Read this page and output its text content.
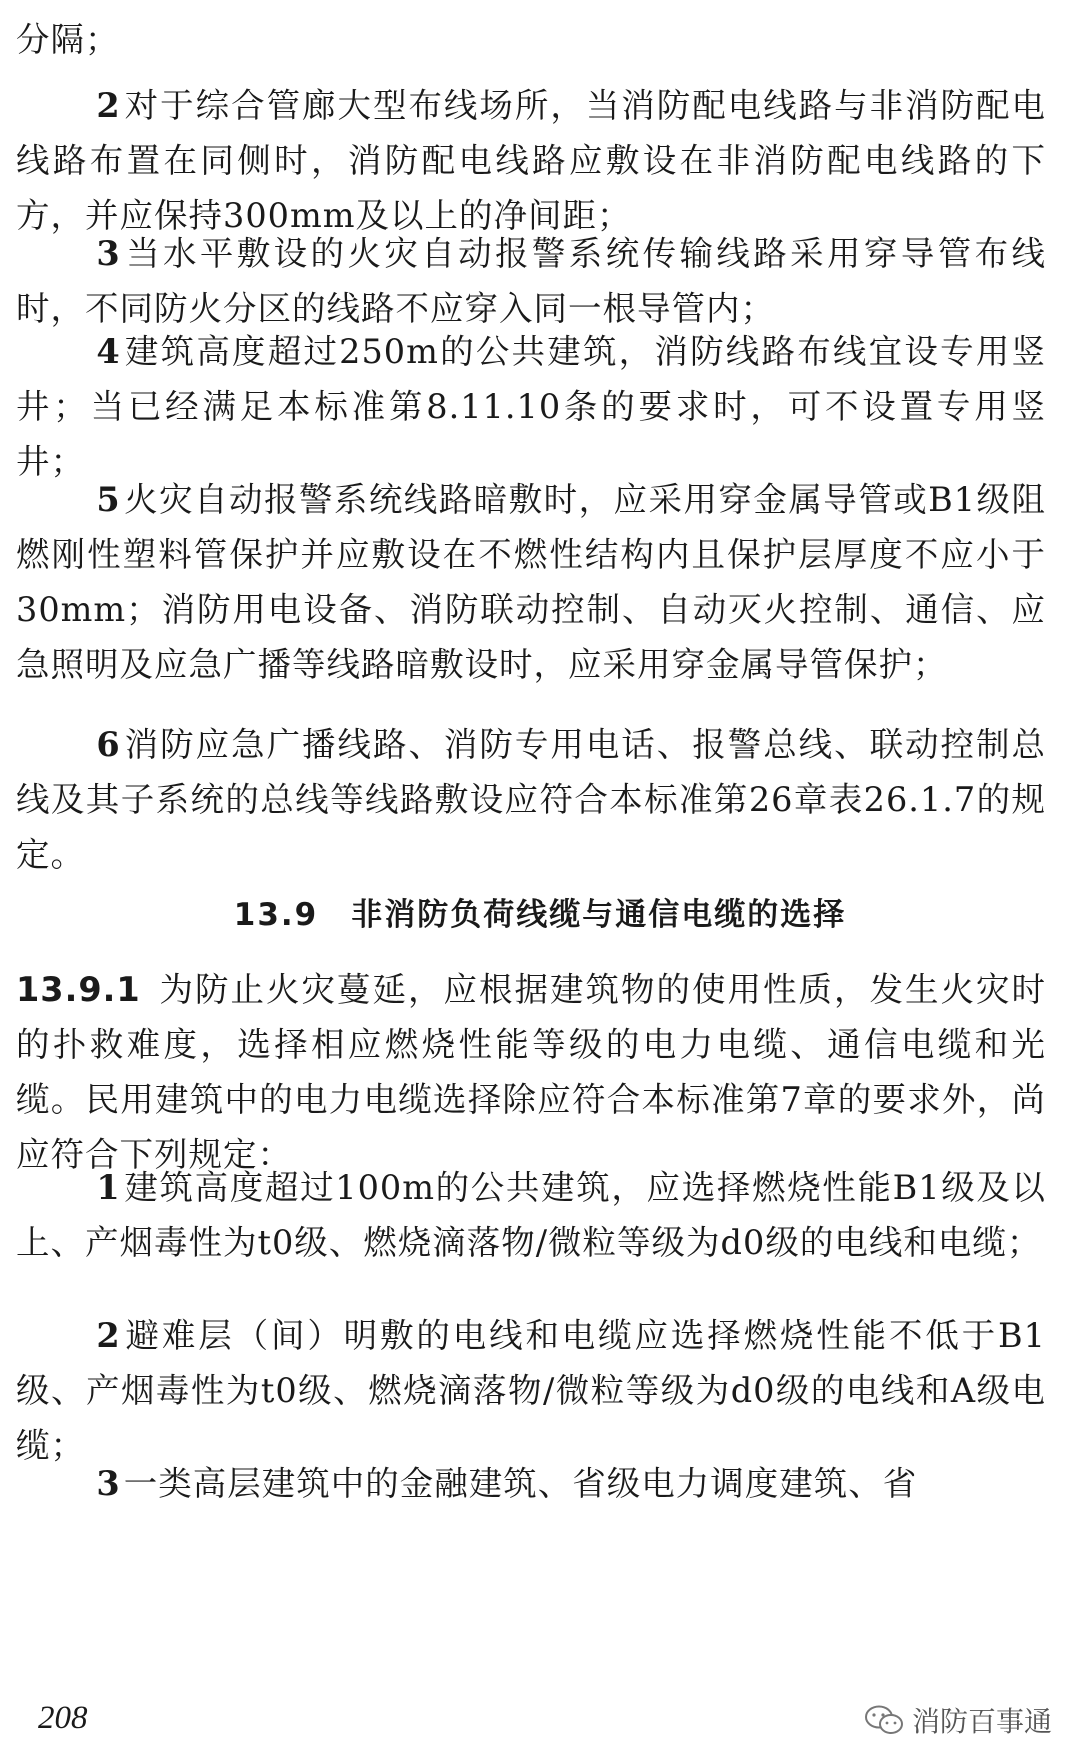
分隔；

2对于综合管廊大型布线场所，当消防配电线路与非消防配电线路布置在同侧时，消防配电线路应敷设在非消防配电线路的下方，并应保持300mm及以上的净间距；

3当水平敷设的火灾自动报警系统传输线路采用穿导管布线时，不同防火分区的线路不应穿入同一根导管内；

4建筑高度超过250m的公共建筑，消防线路布线宜设专用竖井；当已经满足本标准第8.11.10条的要求时，可不设置专用竖井；

5火灾自动报警系统线路暗敷时，应采用穿金属导管或B1级阻燃刚性塑料管保护并应敷设在不燃性结构内且保护层厚度不应小于30mm；消防用电设备、消防联动控制、自动灭火控制、通信、应急照明及应急广播等线路暗敷设时，应采用穿金属导管保护；

6消防应急广播线路、消防专用电话、报警总线、联动控制总线及其子系统的总线等线路敷设应符合本标准第26章表26.1.7的规定。

13.9  非消防负荷线缆与通信电缆的选择

13.9.1  为防止火灾蔓延，应根据建筑物的使用性质，发生火灾时的扑救难度，选择相应燃烧性能等级的电力电缆、通信电缆和光缆。民用建筑中的电力电缆选择除应符合本标准第7章的要求外，尚应符合下列规定：

1建筑高度超过100m的公共建筑，应选择燃烧性能B1级及以上、产烟毒性为t0级、燃烧滴落物/微粒等级为d0级的电线和电缆；

2避难层（间）明敷的电线和电缆应选择燃烧性能不低于B1级、产烟毒性为t0级、燃烧滴落物/微粒等级为d0级的电线和A级电缆；

3一类高层建筑中的金融建筑、省级电力调度建筑、省

208	消防百事通
